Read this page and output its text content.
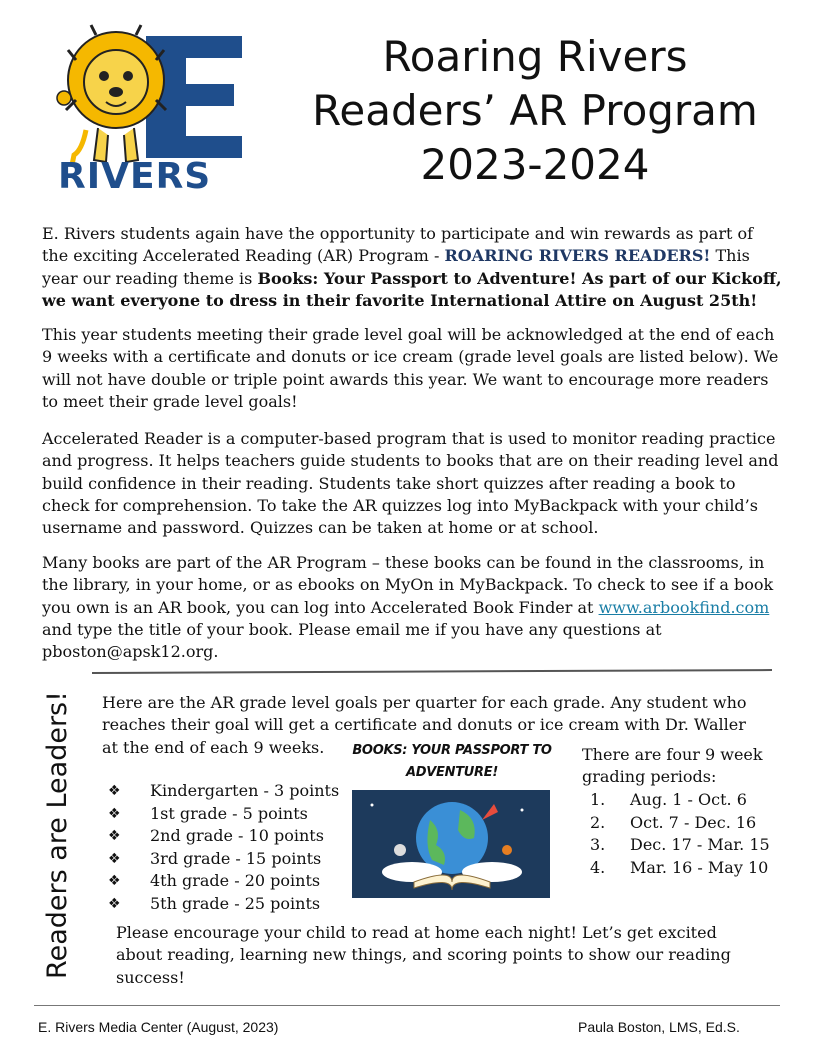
RIVERS
Roaring Rivers
Readers’ AR Program
2023-2024
E. Rivers students again have the opportunity to participate and win rewards as part of the exciting Accelerated Reading (AR) Program - ROARING RIVERS READERS! This year our reading theme is Books: Your Passport to Adventure! As part of our Kickoff, we want everyone to dress in their favorite International Attire on August 25th!
This year students meeting their grade level goal will be acknowledged at the end of each 9 weeks with a certificate and donuts or ice cream (grade level goals are listed below). We will not have double or triple point awards this year. We want to encourage more readers to meet their grade level goals!
Accelerated Reader is a computer-based program that is used to monitor reading practice and progress. It helps teachers guide students to books that are on their reading level and build confidence in their reading. Students take short quizzes after reading a book to check for comprehension. To take the AR quizzes log into MyBackpack with your child’s username and password. Quizzes can be taken at home or at school.
Many books are part of the AR Program – these books can be found in the classrooms, in the library, in your home, or as ebooks on MyOn in MyBackpack. To check to see if a book you own is an AR book, you can log into Accelerated Book Finder at www.arbookfind.com and type the title of your book. Please email me if you have any questions at pboston@apsk12.org.
Readers are Leaders!	Here are the AR grade level goals per quarter for each grade. Any student who reaches their goal will get a certificate and donuts or ice cream with Dr. Waller at the end of each 9 weeks.
❖	Kindergarten - 3 points
❖	1st grade - 5 points
❖	2nd grade - 10 points
❖	3rd grade - 15 points
❖	4th grade - 20 points
❖	5th grade - 25 points
BOOKS: YOUR PASSPORT TO
ADVENTURE!
There are four 9 week grading periods:
1.	Aug. 1 - Oct. 6
2.	Oct. 7 - Dec. 16
3.	Dec. 17 - Mar. 15
4.	Mar. 16 - May 10
Please encourage your child to read at home each night! Let’s get excited about reading, learning new things, and scoring points to show our reading success!
E. Rivers Media Center (August, 2023)	Paula Boston, LMS, Ed.S.
